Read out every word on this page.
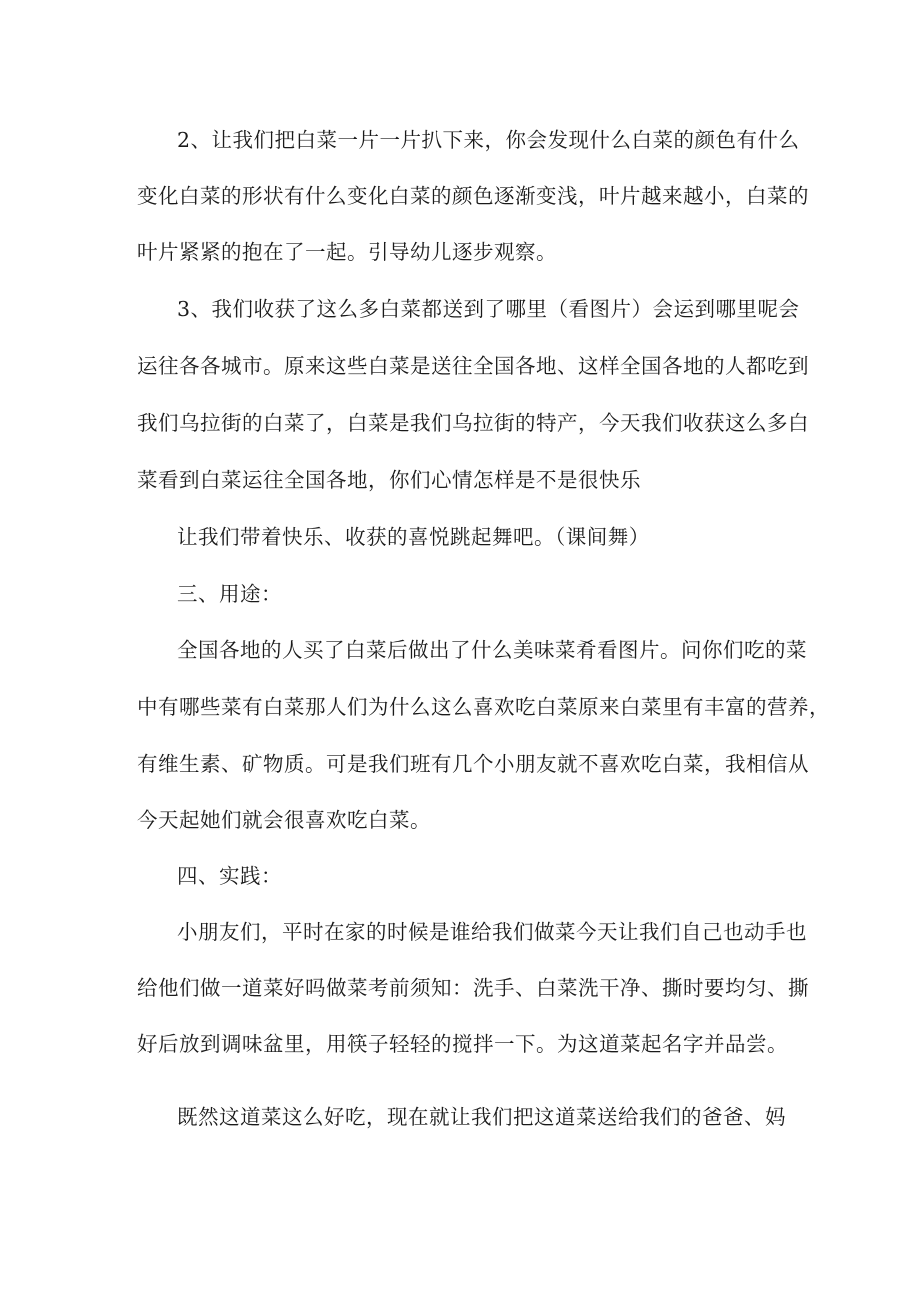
2、让我们把白菜一片一片扒下来，你会发现什么白菜的颜色有什么
变化白菜的形状有什么变化白菜的颜色逐渐变浅，叶片越来越小，白菜的
叶片紧紧的抱在了一起。引导幼儿逐步观察。
3、我们收获了这么多白菜都送到了哪里（看图片）会运到哪里呢会
运往各各城市。原来这些白菜是送往全国各地、这样全国各地的人都吃到
我们乌拉街的白菜了，白菜是我们乌拉街的特产，今天我们收获这么多白
菜看到白菜运往全国各地，你们心情怎样是不是很快乐
让我们带着快乐、收获的喜悦跳起舞吧。（课间舞）
三、用途：
全国各地的人买了白菜后做出了什么美味菜肴看图片。问你们吃的菜
中有哪些菜有白菜那人们为什么这么喜欢吃白菜原来白菜里有丰富的营养，
有维生素、矿物质。可是我们班有几个小朋友就不喜欢吃白菜，我相信从
今天起她们就会很喜欢吃白菜。
四、实践：
小朋友们，平时在家的时候是谁给我们做菜今天让我们自己也动手也
给他们做一道菜好吗做菜考前须知：洗手、白菜洗干净、撕时要均匀、撕
好后放到调味盆里，用筷子轻轻的搅拌一下。为这道菜起名字并品尝。
既然这道菜这么好吃，现在就让我们把这道菜送给我们的爸爸、妈
